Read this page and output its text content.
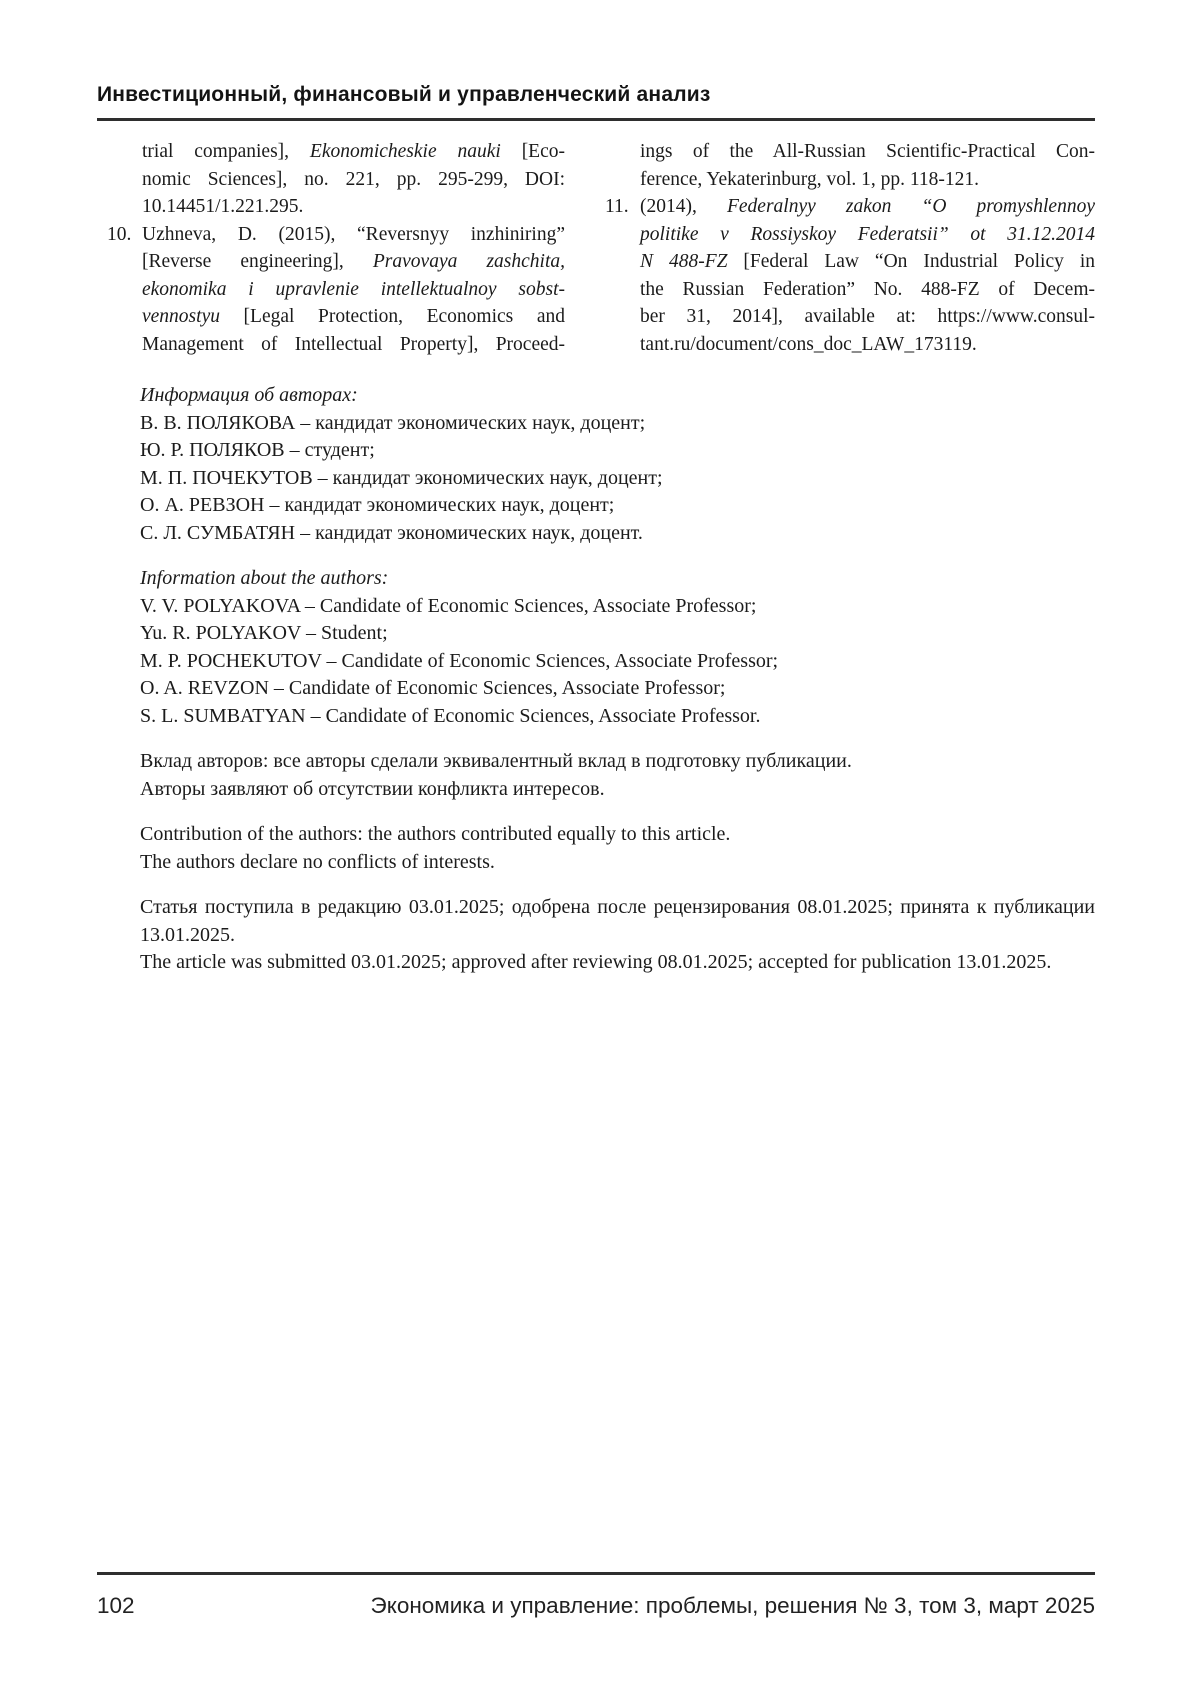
Инвестиционный, финансовый и управленческий анализ
trial companies], Ekonomicheskie nauki [Eco-
nomic Sciences], no. 221, pp. 295-299, DOI:
10.14451/1.221.295.
10. Uzhneva, D. (2015), “Reversnyy inzhiniring”
[Reverse engineering], Pravovaya zashchita,
ekonomika i upravlenie intellektualnoy sobst-
vennostyu [Legal Protection, Economics and
Management of Intellectual Property], Proceed-
ings of the All-Russian Scientific-Practical Con-
ference, Yekaterinburg, vol. 1, pp. 118-121.
11. (2014), Federalnyy zakon “O promyshlennoy
politike v Rossiyskoy Federatsii” ot 31.12.2014
N 488-FZ [Federal Law “On Industrial Policy in
the Russian Federation” No. 488-FZ of Decem-
ber 31, 2014], available at: https://www.consul-
tant.ru/document/cons_doc_LAW_173119.
Информация об авторах:
В. В. ПОЛЯКОВА – кандидат экономических наук, доцент;
Ю. Р. ПОЛЯКОВ – студент;
М. П. ПОЧЕКУТОВ – кандидат экономических наук, доцент;
О. А. РЕВЗОН – кандидат экономических наук, доцент;
С. Л. СУМБАТЯН – кандидат экономических наук, доцент.
Information about the authors:
V. V. POLYAKOVA – Candidate of Economic Sciences, Associate Professor;
Yu. R. POLYAKOV – Student;
M. P. POCHEKUTOV – Candidate of Economic Sciences, Associate Professor;
O. A. REVZON – Candidate of Economic Sciences, Associate Professor;
S. L. SUMBATYAN – Candidate of Economic Sciences, Associate Professor.
Вклад авторов: все авторы сделали эквивалентный вклад в подготовку публикации.
Авторы заявляют об отсутствии конфликта интересов.
Contribution of the authors: the authors contributed equally to this article.
The authors declare no conflicts of interests.
Статья поступила в редакцию 03.01.2025; одобрена после рецензирования 08.01.2025; принята к публикации
13.01.2025.
The article was submitted 03.01.2025; approved after reviewing 08.01.2025; accepted for publication 13.01.2025.
102	Экономика и управление: проблемы, решения № 3, том 3, март 2025
